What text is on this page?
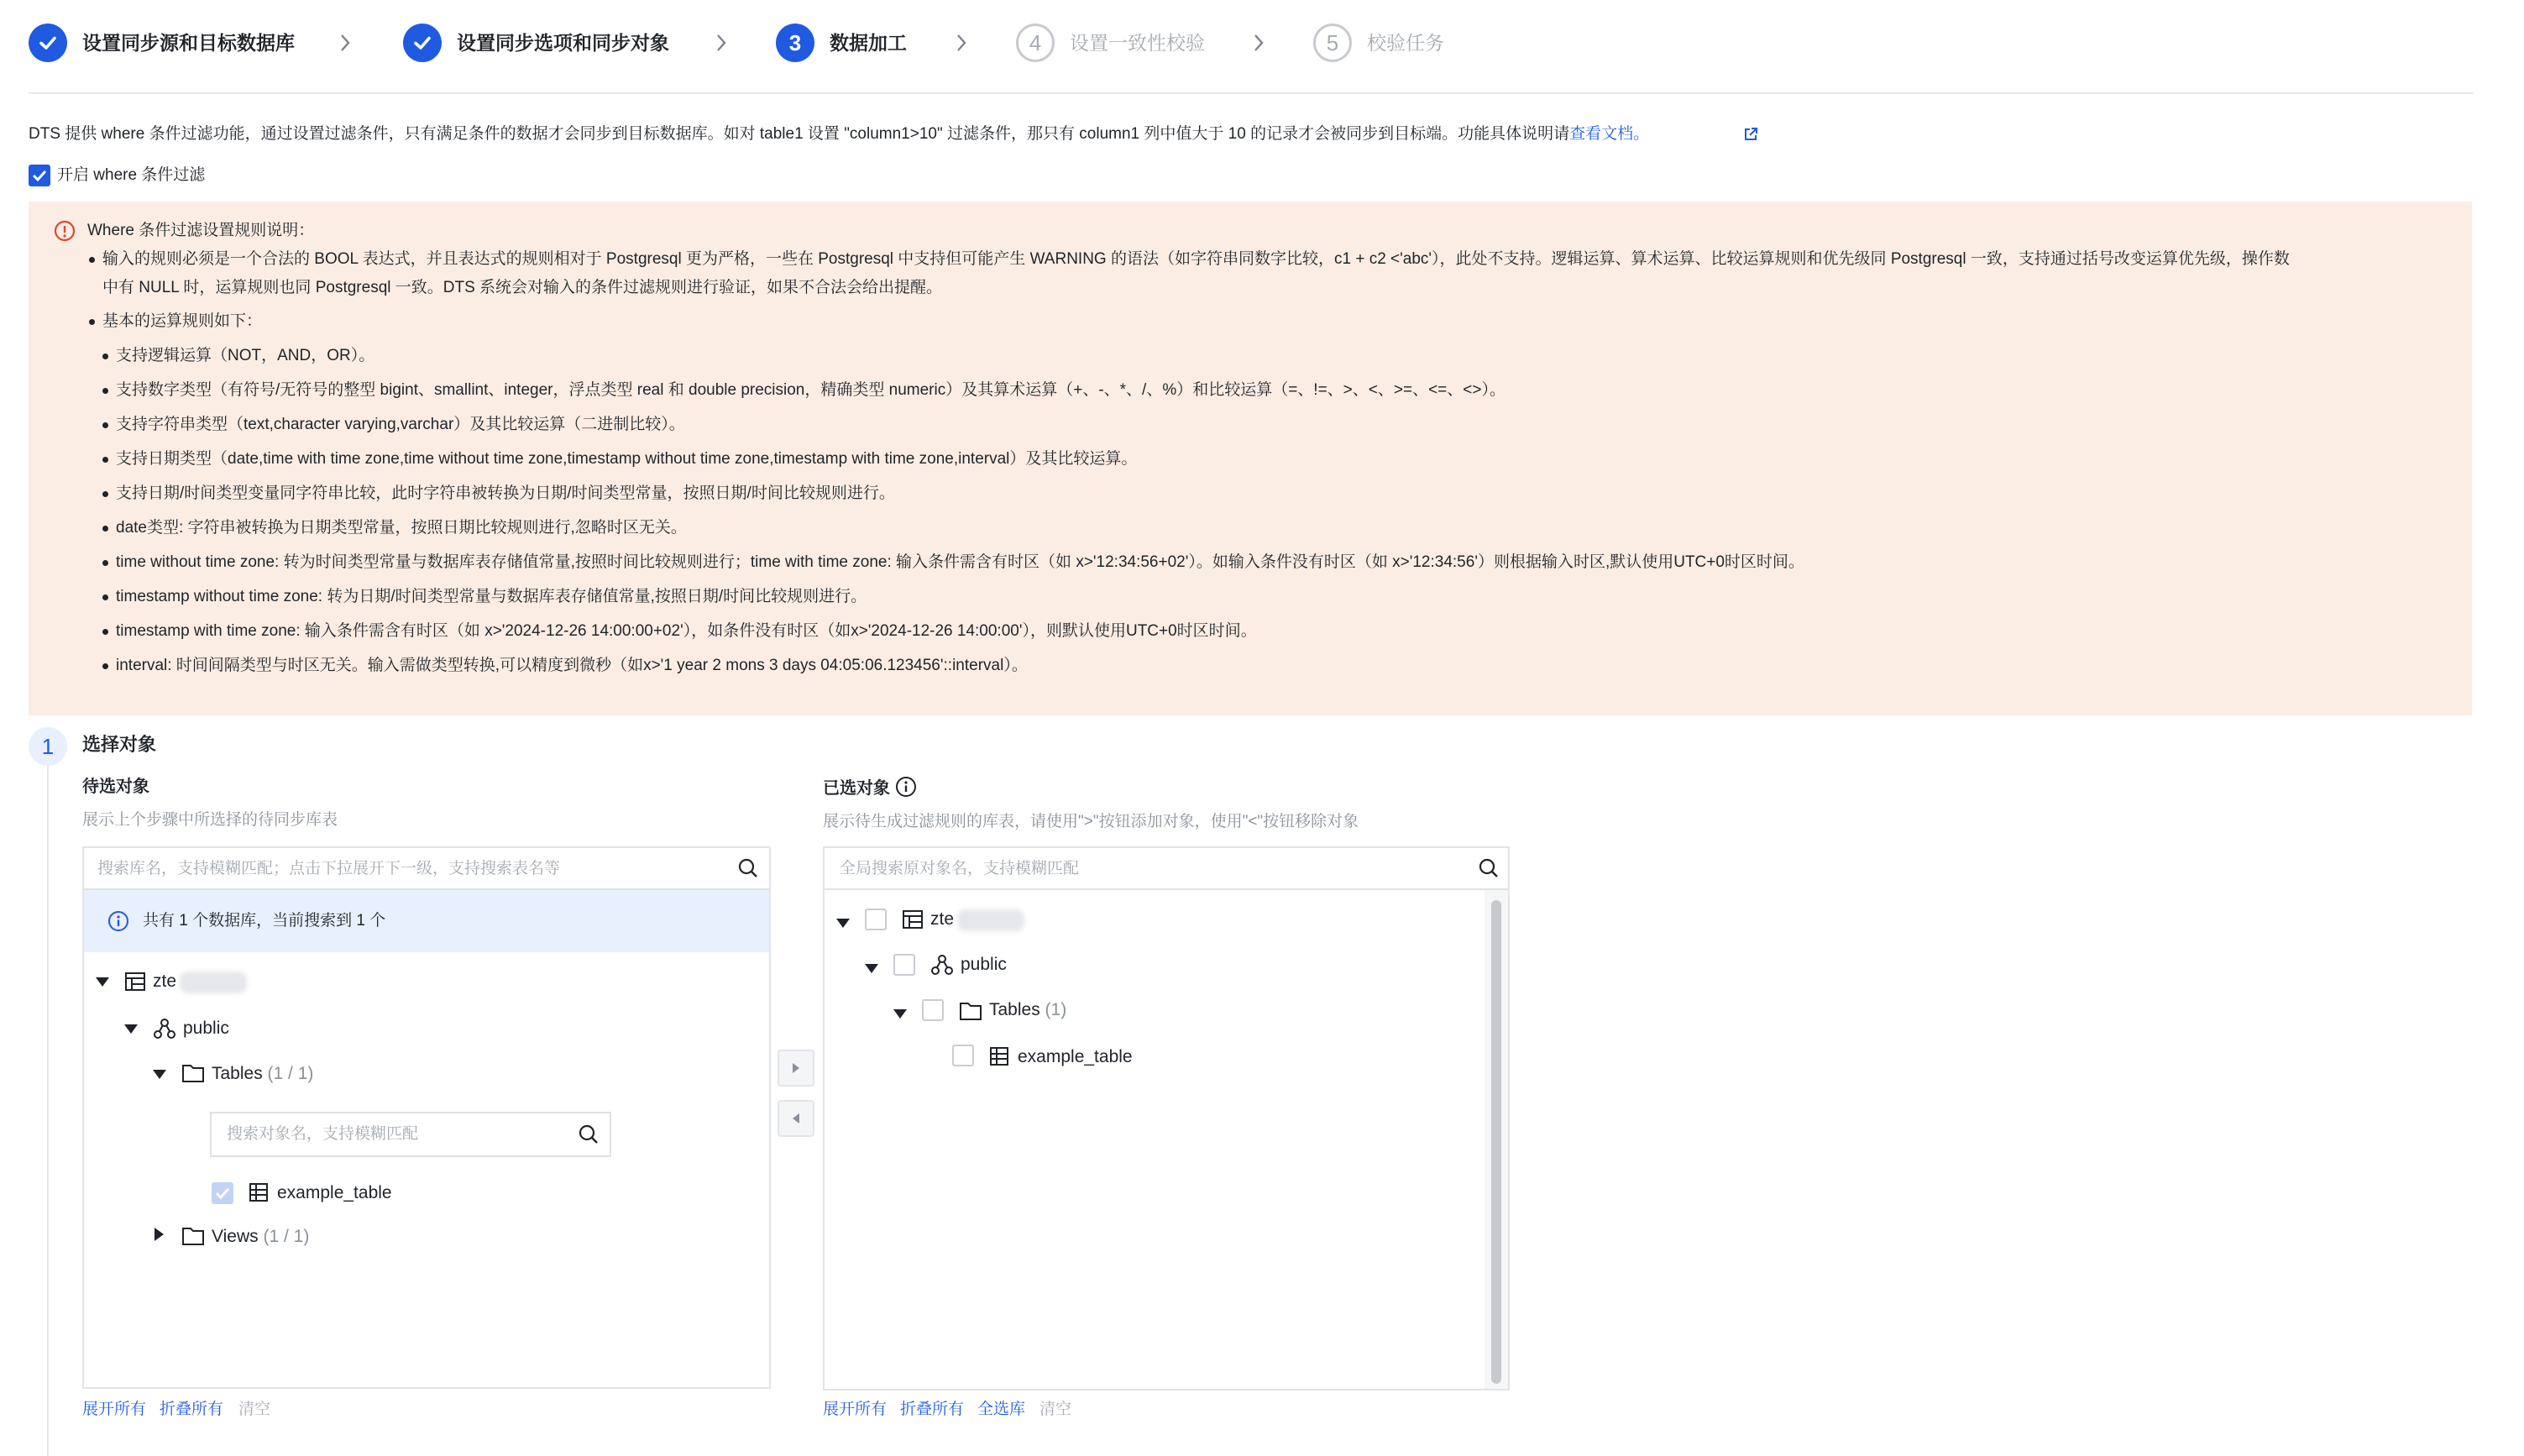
设置同步源和目标数据库	设置同步选项和同步对象	3	数据加工	4	设置一致性校验	5	校验任务
DTS 提供 where 条件过滤功能，通过设置过滤条件，只有满足条件的数据才会同步到目标数据库。如对 table1 设置 "column1>10" 过滤条件，那只有 column1 列中值大于 10 的记录才会被同步到目标端。功能具体说明请查看文档。
开启 where 条件过滤
Where 条件过滤设置规则说明：
输入的规则必须是一个合法的 BOOL 表达式，并且表达式的规则相对于 Postgresql 更为严格，一些在 Postgresql 中支持但可能产生 WARNING 的语法（如字符串同数字比较，c1 + c2 <'abc'），此处不支持。逻辑运算、算术运算、比较运算规则和优先级同 Postgresql 一致，支持通过括号改变运算优先级，操作数
中有 NULL 时，运算规则也同 Postgresql 一致。DTS 系统会对输入的条件过滤规则进行验证，如果不合法会给出提醒。
基本的运算规则如下：
支持逻辑运算（NOT，AND，OR）。
支持数字类型（有符号/无符号的整型 bigint、smallint、integer，浮点类型 real 和 double precision，精确类型 numeric）及其算术运算（+、-、*、/、%）和比较运算（=、!=、>、<、>=、<=、<>）。
支持字符串类型（text,character varying,varchar）及其比较运算（二进制比较）。
支持日期类型（date,time with time zone,time without time zone,timestamp without time zone,timestamp with time zone,interval）及其比较运算。
支持日期/时间类型变量同字符串比较，此时字符串被转换为日期/时间类型常量，按照日期/时间比较规则进行。
date类型: 字符串被转换为日期类型常量，按照日期比较规则进行,忽略时区无关。
time without time zone: 转为时间类型常量与数据库表存储值常量,按照时间比较规则进行；time with time zone: 输入条件需含有时区（如 x>'12:34:56+02'）。如输入条件没有时区（如 x>'12:34:56'）则根据输入时区,默认使用UTC+0时区时间。
timestamp without time zone: 转为日期/时间类型常量与数据库表存储值常量,按照日期/时间比较规则进行。
timestamp with time zone: 输入条件需含有时区（如 x>'2024-12-26 14:00:00+02'），如条件没有时区（如x>'2024-12-26 14:00:00'），则默认使用UTC+0时区时间。
interval: 时间间隔类型与时区无关。输入需做类型转换,可以精度到微秒（如x>'1 year 2 mons 3 days 04:05:06.123456'::interval）。
1	选择对象
待选对象
展示上个步骤中所选择的待同步库表
搜索库名，支持模糊匹配；点击下拉展开下一级，支持搜索表名等
共有 1 个数据库，当前搜索到 1 个
zte
public
Tables (1 / 1)
搜索对象名，支持模糊匹配
example_table
Views (1 / 1)
展开所有 折叠所有 清空
已选对象
展示待生成过滤规则的库表，请使用">"按钮添加对象，使用"<"按钮移除对象
全局搜索原对象名，支持模糊匹配
zte
public
Tables (1)
example_table
展开所有 折叠所有 全选库 清空
